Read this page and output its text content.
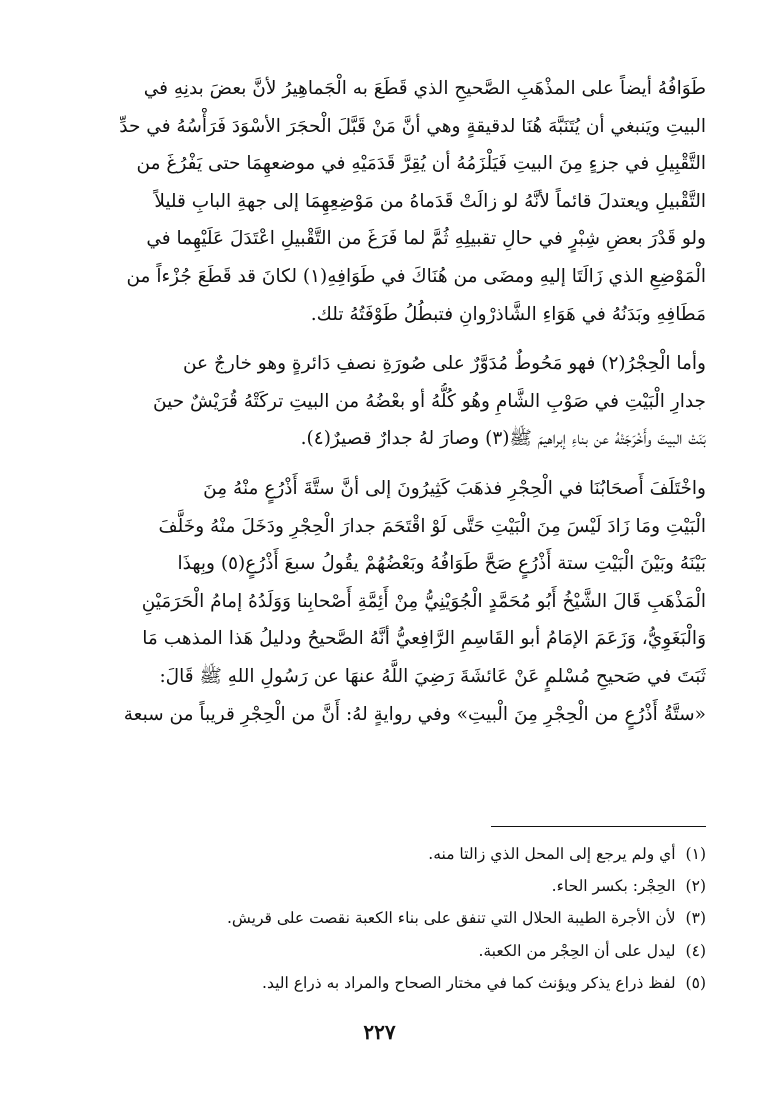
طَوَافُهُ أيضاً على المذْهَبِ الصَّحيحِ الذي قَطَعَ به الْجَماهِيرُ لأنَّ بعضَ بدنِهِ في
البيتِ ويَنبغي أن يُتَنَبَّهَ هُنَا لدقيقةٍ وهي أنَّ مَنْ قَبَّلَ الْحجَرَ الأسْوَدَ فَرَأْسُهُ في حدِّ
التَّقْبِيلِ في جزءٍ مِنَ البيتِ فَيَلْزَمُهُ أن يُقِرَّ قَدَمَيْهِ في موضعهِمَا حتى يَفْرُغَ من
التَّقْبيلِ ويعتدلَ قائماً لأنَّهُ لو زالَتْ قَدَماهُ من مَوْضِعِهِمَا إلى جهةِ البابِ قليلاً
ولو قَدْرَ بعضِ شِبْرٍ في حالِ تقبيلِهِ ثُمَّ لما فَرَغَ من التَّقْبيلِ اعْتَدَلَ عَلَيْهِما في
الْمَوْضِعِ الذي زَالَتَا إليهِ ومضَى من هُنَاكَ في طَوَافِهِ(١) لكانَ قد قَطَعَ جُزْءاً من
مَطَافِهِ وبَدَنُهُ في هَوَاءِ الشَّاذرْوانِ فتبطُلُ طَوْفَتُهُ تلك.

وأما الْحِجْرُ(٢) فهو مَحُوطٌ مُدَوَّرٌ على صُورَةِ نصفِ دَائرةٍ وهو خارجٌ عن
جدارِ الْبَيْتِ في صَوْبِ الشَّامِ وهُو كُلُّهُ أو بعْضُهُ من البيتِ تركَتْهُ قُرَيْشٌ حينَ
بَنَتْ البيتَ وأَخْرَجَتْهُ عن بناءِ إبراهيمَ ﷺ(٣) وصارَ لهُ جدارٌ قصيرٌ(٤).

واخْتَلَفَ أَصحَابُنَا في الْحِجْرِ فذهَبَ كَثِيرُونَ إلى أنَّ ستَّةَ أَذْرُعٍ منْهُ مِنَ
الْبَيْتِ ومَا زَادَ لَيْسَ مِنَ الْبَيْتِ حَتَّى لَوْ اقْتَحَمَ جدارَ الْحِجْرِ ودَخَلَ منْهُ وخَلَّفَ
بَيْنَهُ وبَيْنَ الْبَيْتِ ستة أَذْرُعٍ صَحَّ طَوَافُهُ وبَعْضُهُمْ يقُولُ سبعَ أَذْرُعٍ(٥) وبِهذَا
الْمَذْهَبِ قَالَ الشَّيْخُ أَبُو مُحَمَّدٍ الْجُوَيْنِيُّ مِنْ أَئِمَّةِ أَصْحابِنا وَوَلَدُهُ إمامُ الْحَرَمَيْنِ
وَالْبَغَوِيُّ، وَزَعَمَ الإمَامُ أبو القَاسِمِ الرَّافِعيُّ أنَّهُ الصَّحيحُ ودليلُ هَذا المذهب مَا
ثَبَتَ في صَحيحِ مُسْلمٍ عَنْ عَائشَةَ رَضِيَ اللَّهُ عنهَا عن رَسُولِ اللهِ ﷺ قَالَ:
«ستَّةُ أَذْرُعٍ من الْحِجْرِ مِنَ الْبيتِ» وفي روايةٍ لهُ: أَنَّ من الْحِجْرِ قريباً من سبعة

(١)أي ولم يرجع إلى المحل الذي زالتا منه.
(٢)الحِجْر: بكسر الحاء.
(٣)لأن الأجرة الطيبة الحلال التي تنفق على بناء الكعبة نقصت على قريش.
(٤)ليدل على أن الحِجْر من الكعبة.
(٥)لفظ ذراع يذكر ويؤنث كما في مختار الصحاح والمراد به ذراع اليد.
٢٢٧
